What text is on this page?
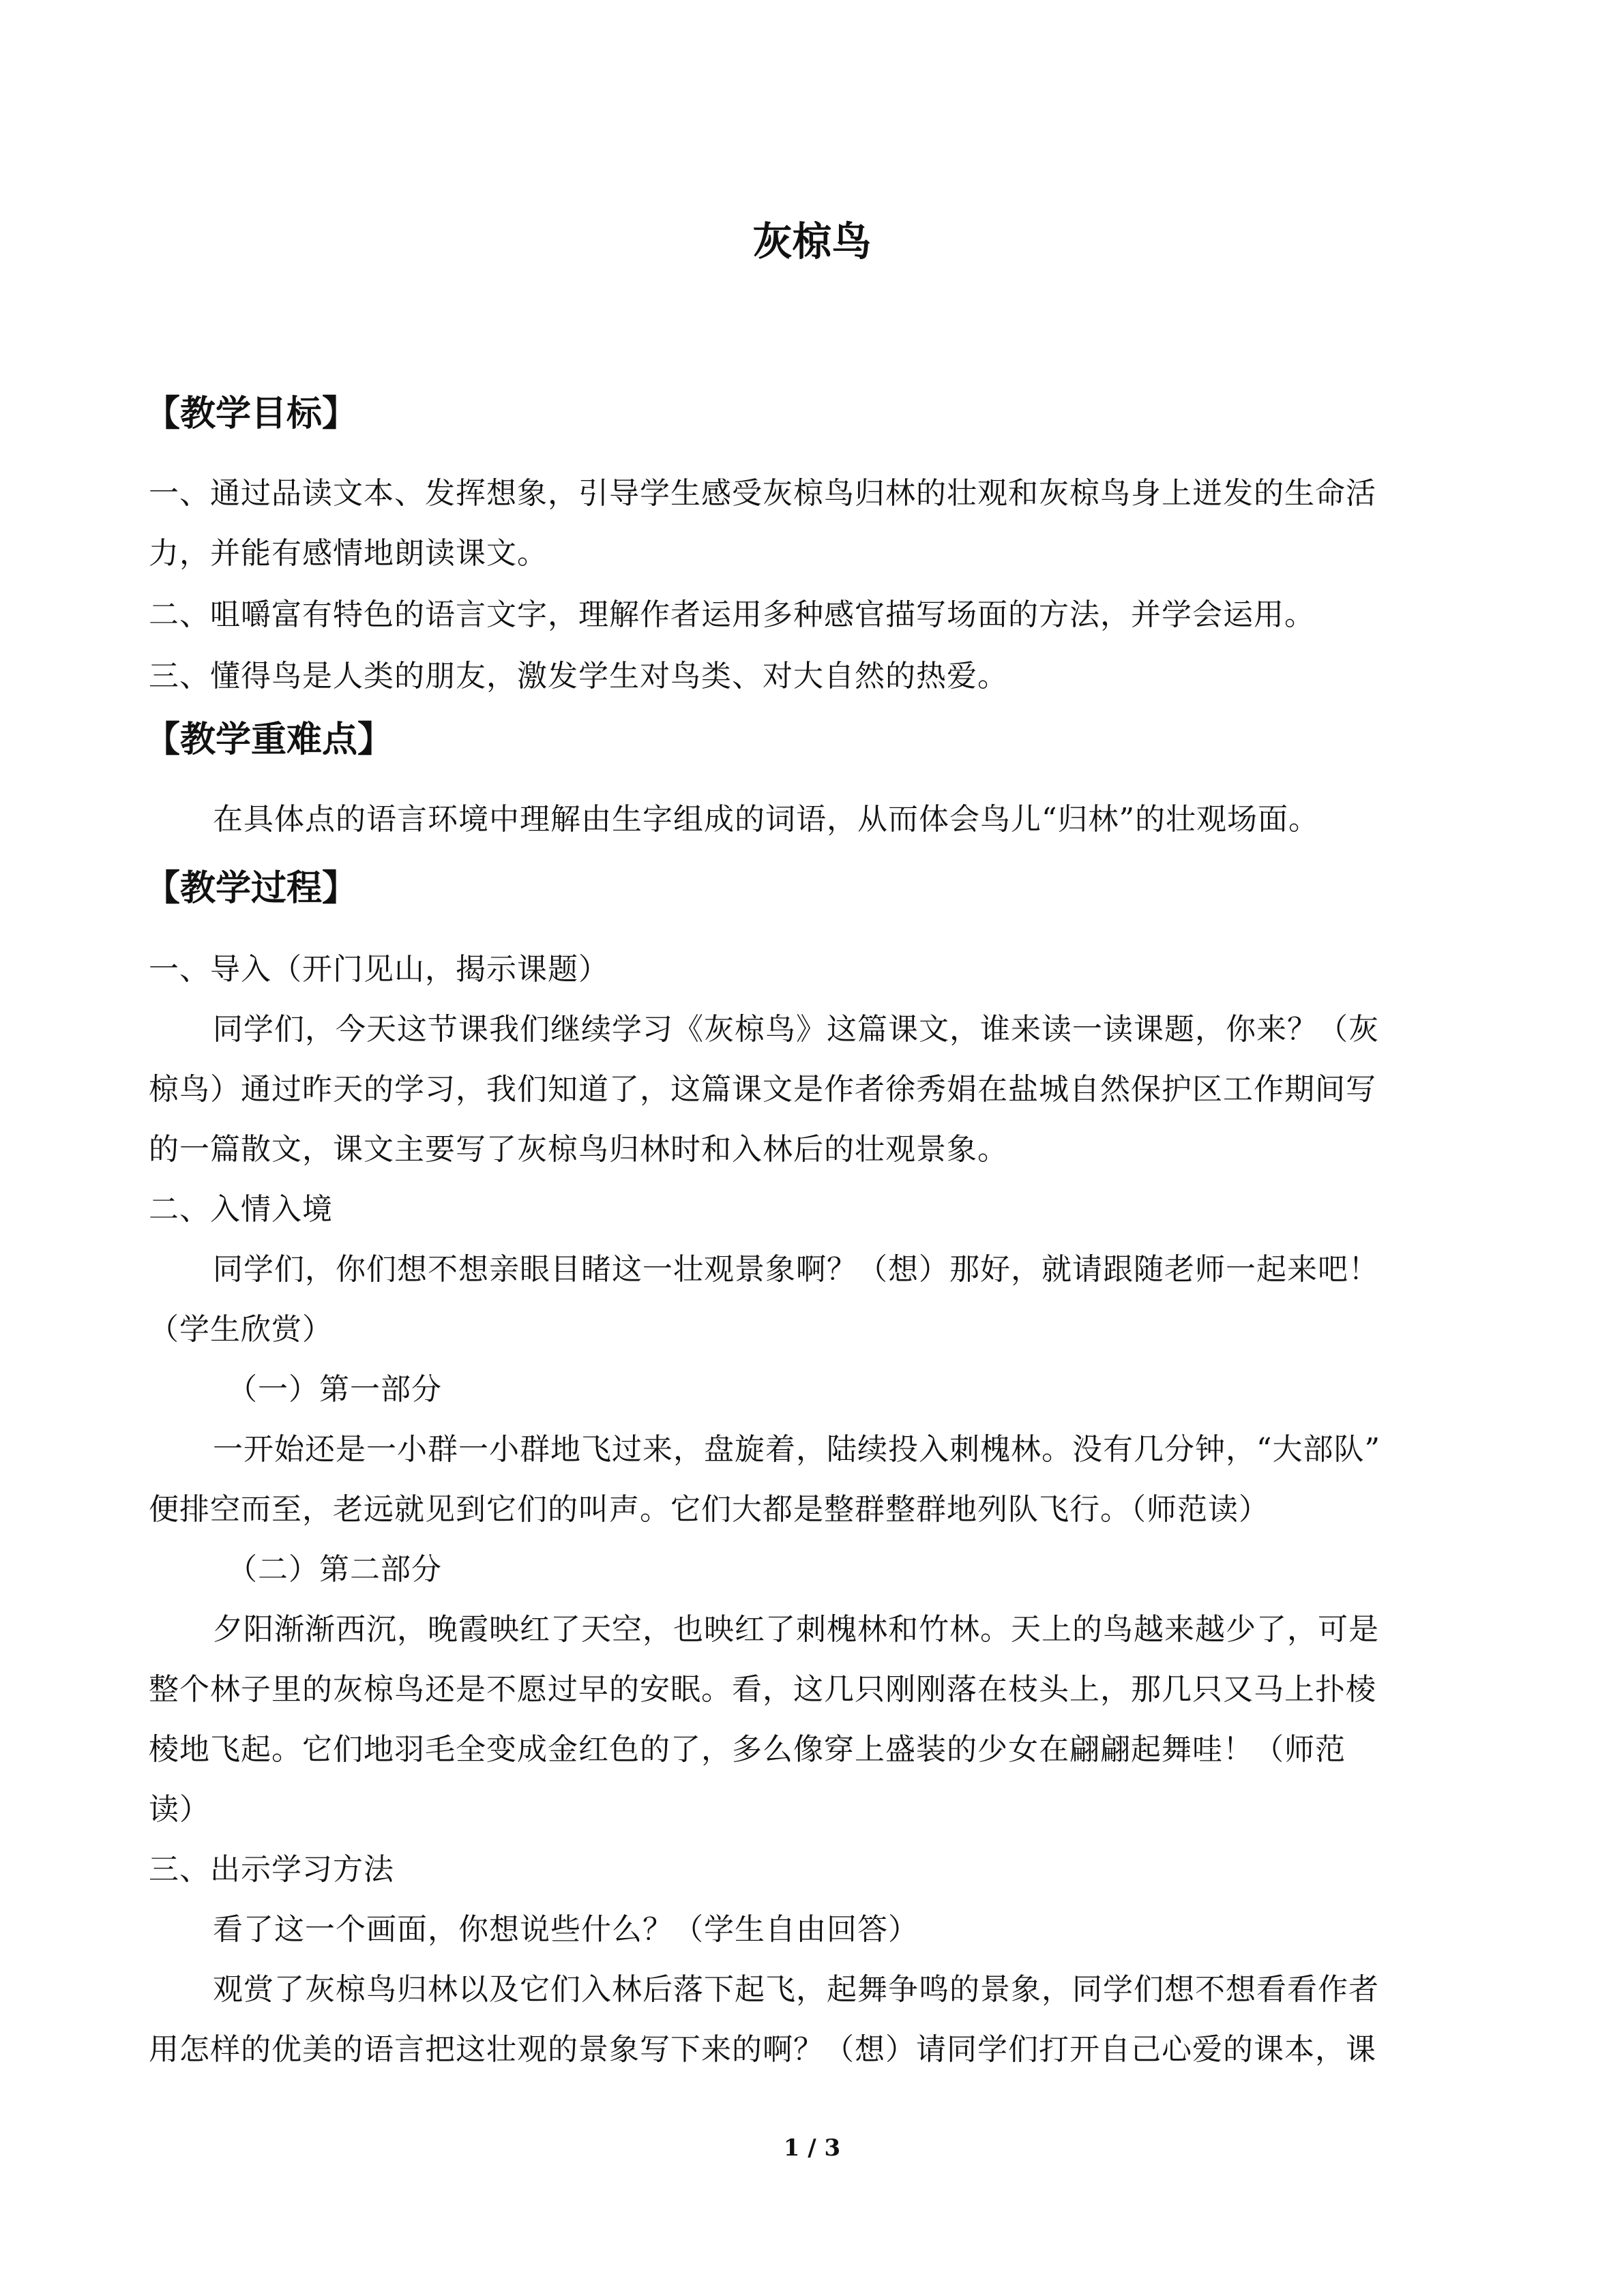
灰椋鸟
【教学目标】
一、通过品读文本、发挥想象，引导学生感受灰椋鸟归林的壮观和灰椋鸟身上迸发的生命活
力，并能有感情地朗读课文。
二、咀嚼富有特色的语言文字，理解作者运用多种感官描写场面的方法，并学会运用。
三、懂得鸟是人类的朋友，激发学生对鸟类、对大自然的热爱。
【教学重难点】
在具体点的语言环境中理解由生字组成的词语，从而体会鸟儿“归林”的壮观场面。
【教学过程】
一、导入（开门见山，揭示课题）
同学们，今天这节课我们继续学习《灰椋鸟》这篇课文，谁来读一读课题，你来？（灰
椋鸟）通过昨天的学习，我们知道了，这篇课文是作者徐秀娟在盐城自然保护区工作期间写
的一篇散文，课文主要写了灰椋鸟归林时和入林后的壮观景象。
二、入情入境
同学们，你们想不想亲眼目睹这一壮观景象啊？（想）那好，就请跟随老师一起来吧！
（学生欣赏）
（一）第一部分
一开始还是一小群一小群地飞过来，盘旋着，陆续投入刺槐林。没有几分钟，“大部队”
便排空而至，老远就见到它们的叫声。它们大都是整群整群地列队飞行。（师范读）
（二）第二部分
夕阳渐渐西沉，晚霞映红了天空，也映红了刺槐林和竹林。天上的鸟越来越少了，可是
整个林子里的灰椋鸟还是不愿过早的安眠。看，这几只刚刚落在枝头上，那几只又马上扑棱
棱地飞起。它们地羽毛全变成金红色的了，多么像穿上盛装的少女在翩翩起舞哇！（师范
读）
三、出示学习方法
看了这一个画面，你想说些什么？（学生自由回答）
观赏了灰椋鸟归林以及它们入林后落下起飞，起舞争鸣的景象，同学们想不想看看作者
用怎样的优美的语言把这壮观的景象写下来的啊？（想）请同学们打开自己心爱的课本，课
1 / 3
